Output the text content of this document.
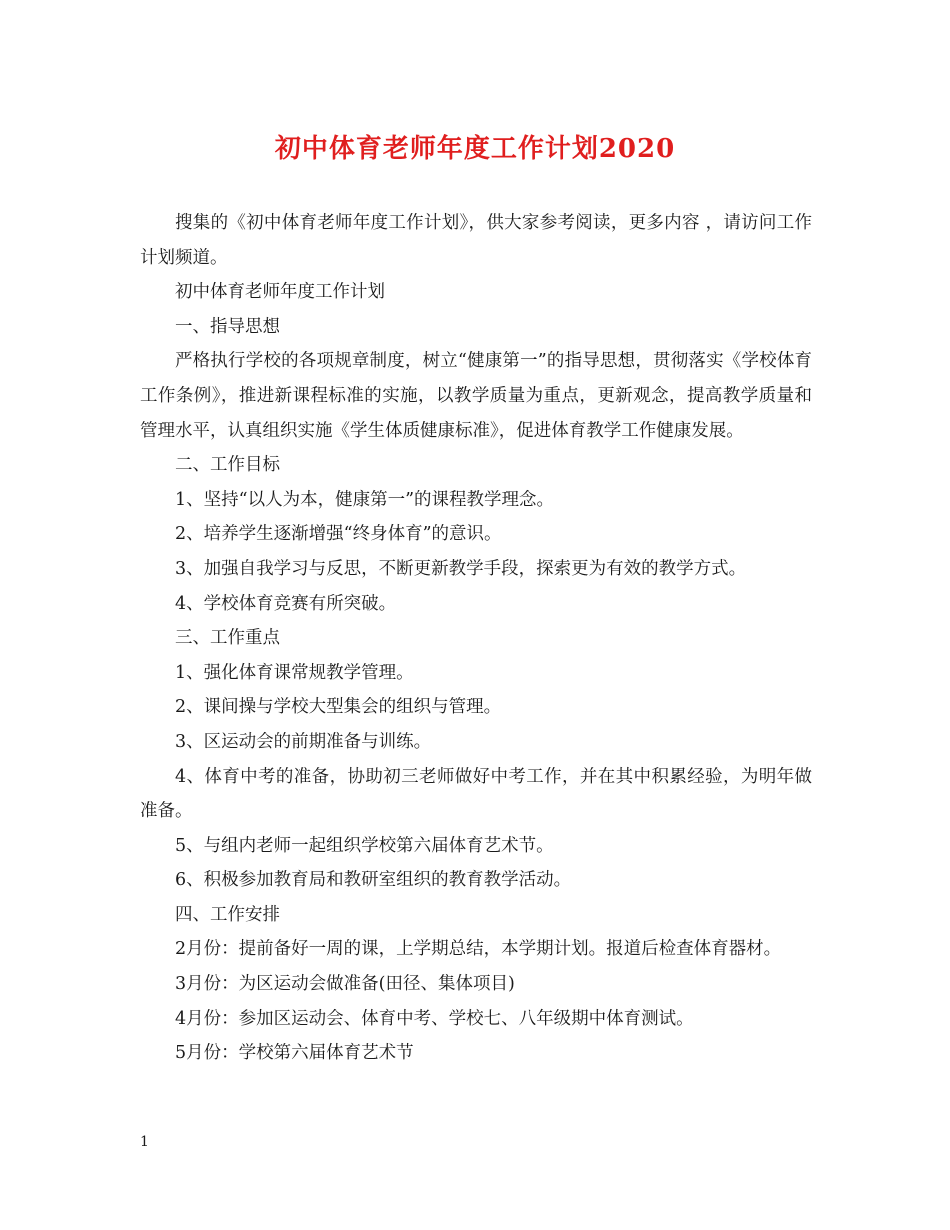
初中体育老师年度工作计划2020

搜集的《初中体育老师年度工作计划》，供大家参考阅读，更多内容 ，请访问工作计划频道。

初中体育老师年度工作计划

一、指导思想

严格执行学校的各项规章制度，树立“健康第一”的指导思想，贯彻落实《学校体育工作条例》，推进新课程标准的实施，以教学质量为重点，更新观念，提高教学质量和管理水平，认真组织实施《学生体质健康标准》，促进体育教学工作健康发展。

二、工作目标

1、坚持“以人为本，健康第一”的课程教学理念。

2、培养学生逐渐增强“终身体育”的意识。

3、加强自我学习与反思，不断更新教学手段，探索更为有效的教学方式。

4、学校体育竞赛有所突破。

三、工作重点

1、强化体育课常规教学管理。

2、课间操与学校大型集会的组织与管理。

3、区运动会的前期准备与训练。

4、体育中考的准备，协助初三老师做好中考工作，并在其中积累经验，为明年做准备。

5、与组内老师一起组织学校第六届体育艺术节。

6、积极参加教育局和教研室组织的教育教学活动。

四、工作安排

2月份：提前备好一周的课，上学期总结，本学期计划。报道后检查体育器材。

3月份：为区运动会做准备(田径、集体项目)

4月份：参加区运动会、体育中考、学校七、八年级期中体育测试。

5月份：学校第六届体育艺术节

1
